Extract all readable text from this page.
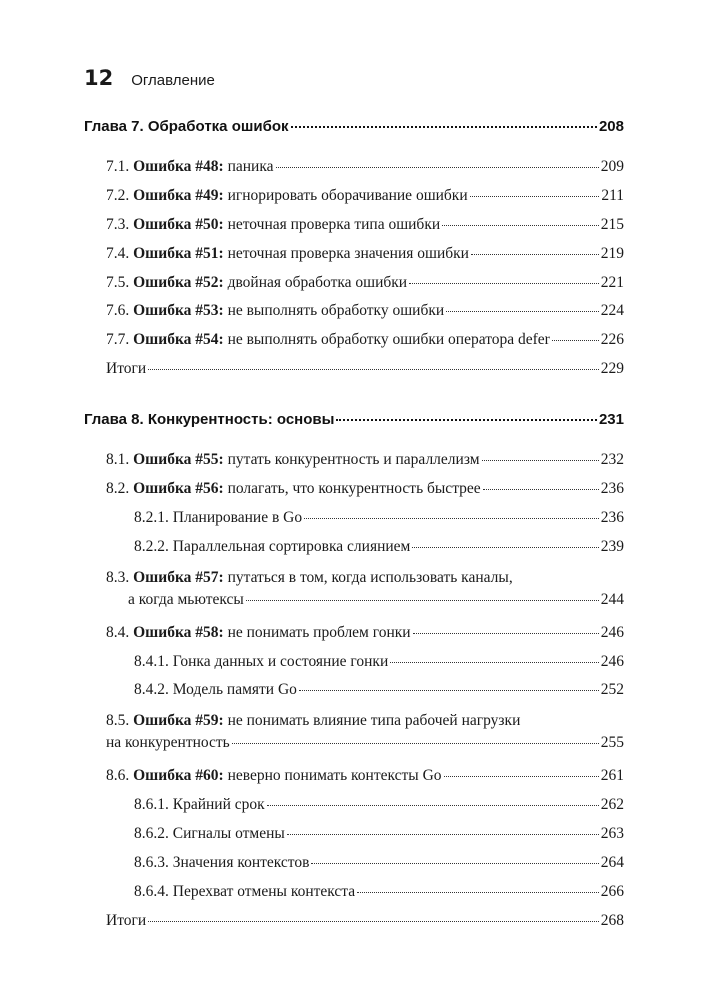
12 Оглавление
Глава 7. Обработка ошибок	208
7.1. Ошибка #48: паника	209
7.2. Ошибка #49: игнорировать оборачивание ошибки	211
7.3. Ошибка #50: неточная проверка типа ошибки	215
7.4. Ошибка #51: неточная проверка значения ошибки	219
7.5. Ошибка #52: двойная обработка ошибки	221
7.6. Ошибка #53: не выполнять обработку ошибки	224
7.7. Ошибка #54: не выполнять обработку ошибки оператора defer	226
Итоги	229
Глава 8. Конкурентность: основы	231
8.1. Ошибка #55: путать конкурентность и параллелизм	232
8.2. Ошибка #56: полагать, что конкурентность быстрее	236
8.2.1. Планирование в Go	236
8.2.2. Параллельная сортировка слиянием	239
8.3. Ошибка #57: путаться в том, когда использовать каналы,
а когда мьютексы	244
8.4. Ошибка #58: не понимать проблем гонки	246
8.4.1. Гонка данных и состояние гонки	246
8.4.2. Модель памяти Go	252
8.5. Ошибка #59: не понимать влияние типа рабочей нагрузки
на конкурентность	255
8.6. Ошибка #60: неверно понимать контексты Go	261
8.6.1. Крайний срок	262
8.6.2. Сигналы отмены	263
8.6.3. Значения контекстов	264
8.6.4. Перехват отмены контекста	266
Итоги	268
